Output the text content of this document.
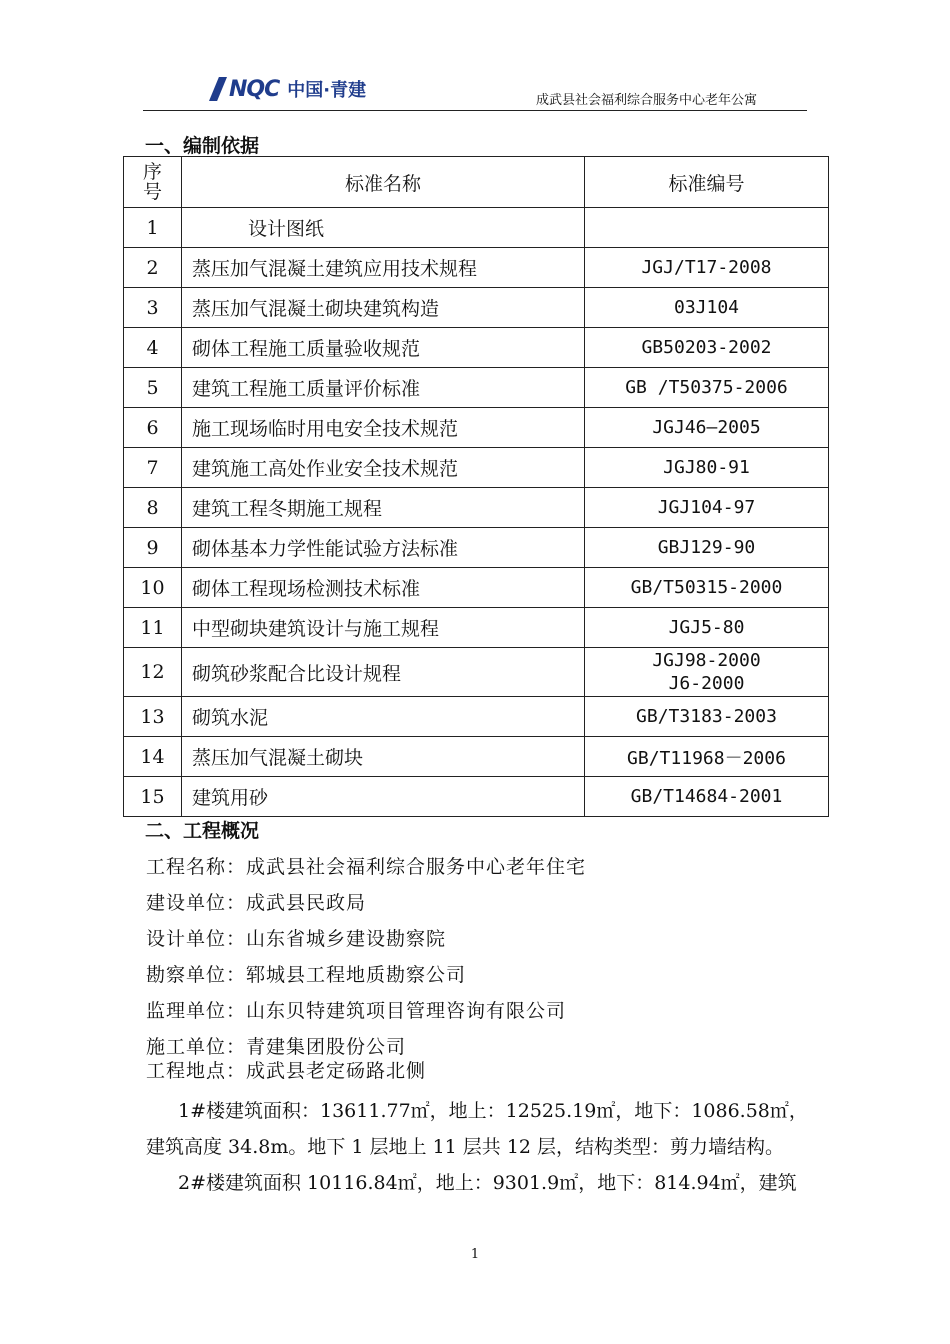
NQC 中国·青建	成武县社会福利综合服务中心老年公寓
一、编制依据
序
号	标准名称	标准编号
1	设计图纸	
2	蒸压加气混凝土建筑应用技术规程	JGJ/T17-2008
3	蒸压加气混凝土砌块建筑构造	03J104
4	砌体工程施工质量验收规范	GB50203-2002
5	建筑工程施工质量评价标准	GB /T50375-2006
6	施工现场临时用电安全技术规范	JGJ46—2005
7	建筑施工高处作业安全技术规范	JGJ80-91
8	建筑工程冬期施工规程	JGJ104-97
9	砌体基本力学性能试验方法标准	GBJ129-90
10	砌体工程现场检测技术标准	GB/T50315-2000
11	中型砌块建筑设计与施工规程	JGJ5-80
12	砌筑砂浆配合比设计规程	JGJ98-2000
J6-2000
13	砌筑水泥	GB/T3183-2003
14	蒸压加气混凝土砌块	GB/T11968－2006
15	建筑用砂	GB/T14684-2001
二、工程概况
工程名称：成武县社会福利综合服务中心老年住宅
建设单位：成武县民政局
设计单位：山东省城乡建设勘察院
勘察单位：郓城县工程地质勘察公司
监理单位：山东贝特建筑项目管理咨询有限公司
施工单位：青建集团股份公司
工程地点：成武县老定砀路北侧
1#楼建筑面积：13611.77㎡，地上：12525.19㎡，地下：1086.58㎡，
建筑高度 34.8m。地下 1 层地上 11 层共 12 层，结构类型：剪力墙结构。
2#楼建筑面积 10116.84㎡，地上：9301.9㎡，地下：814.94㎡，建筑
1
